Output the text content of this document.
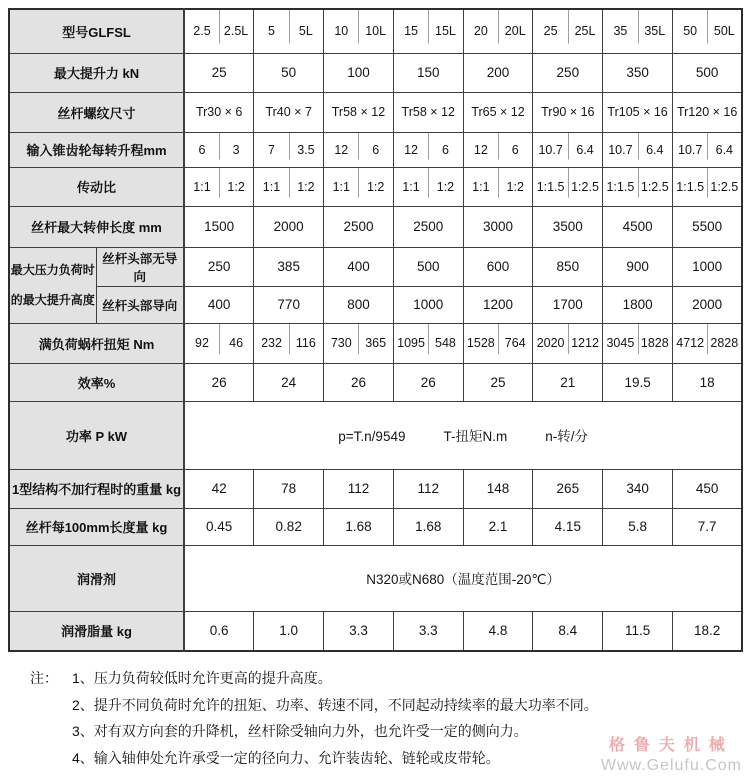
型号GLFSL		2.5	2.5L	5	5L	10	10L	15	15L	20	20L	25	25L	35	35L	50	50L
最大提升力 kN		25		50		100		150		200		250		350		500	
丝杆螺纹尺寸		Tr30 × 6		Tr40 × 7		Tr58 × 12		Tr58 × 12		Tr65 × 12		Tr90 × 16		Tr105 × 16		Tr120 × 16	
输入锥齿轮每转升程mm		6	3	7	3.5	12	6	12	6	12	6	10.7	6.4	10.7	6.4	10.7	6.4
传动比		1:1	1:2	1:1	1:2	1:1	1:2	1:1	1:2	1:1	1:2	1:1.5	1:2.5	1:1.5	1:2.5	1:1.5	1:2.5
丝杆最大转伸长度 mm		1500		2000		2500		2500		3000		3500		4500		5500	
最大压力负荷时的最大提升高度	丝杆头部无导向	250		385		400		500		600		850		900		1000	
	丝杆头部导向	400		770		800		1000		1200		1700		1800		2000	
满负荷蜗杆扭矩 Nm		92	46	232	116	730	365	1095	548	1528	764	2020	1212	3045	1828	4712	2828
效率%		26		24		26		26		25		21		19.5		18	
功率 P kW		p=T.n/9549 T-扭矩N.m n-转/分															
1型结构不加行程时的重量 kg		42		78		112		112		148		265		340		450	
丝杆每100mm长度量 kg		0.45		0.82		1.68		1.68		2.1		4.15		5.8		7.7	
润滑剂		N320或N680（温度范围-20℃）															
润滑脂量 kg		0.6		1.0		3.3		3.3		4.8		8.4		11.5		18.2	
注： 1、压力负荷较低时允许更高的提升高度。
2、提升不同负荷时允许的扭矩、功率、转速不同，不同起动持续率的最大功率不同。
3、对有双方向套的升降机，丝杆除受轴向力外，也允许受一定的侧向力。
4、输入轴伸处允许承受一定的径向力、允许装齿轮、链轮或皮带轮。
格鲁夫机械
Www.Gelufu.Com
